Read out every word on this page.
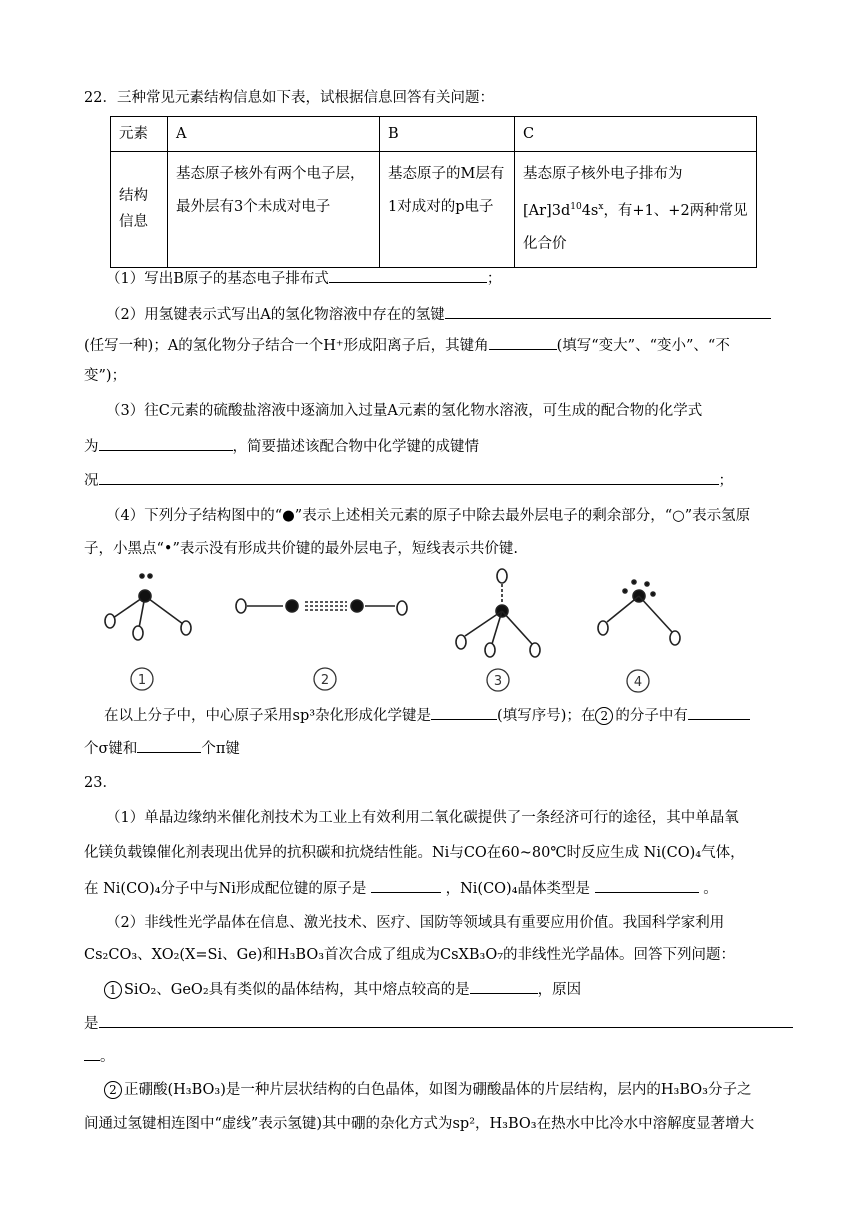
22．三种常见元素结构信息如下表，试根据信息回答有关问题：
元素	A	B	C
结构信息	基态原子核外有两个电子层，最外层有3个未成对电子	基态原子的M层有1对成对的p电子	基态原子核外电子排布为
$[Ar]3d^{10}4s^x$，有+1、+2两种常见化合价
（1）写出B原子的基态电子排布式	；
（2）用氢键表示式写出A的氢化物溶液中存在的氢键
(任写一种)；A的氢化物分子结合一个H⁺形成阳离子后，其键角	(填写“变大”、“变小”、“不
变”)；
（3）往C元素的硫酸盐溶液中逐滴加入过量A元素的氢化物水溶液，可生成的配合物的化学式
为	，简要描述该配合物中化学键的成键情
况	；
（4）下列分子结构图中的“●”表示上述相关元素的原子中除去最外层电子的剩余部分，“○”表示氢原
子，小黑点“•”表示没有形成共价键的最外层电子，短线表示共价键.
1	2	3	4
在以上分子中，中心原子采用sp³杂化形成化学键是	(填写序号)；在 2 的分子中有
个σ键和	个π键
23．
（1）单晶边缘纳米催化剂技术为工业上有效利用二氧化碳提供了一条经济可行的途径，其中单晶氧
化镁负载镍催化剂表现出优异的抗积碳和抗烧结性能。Ni与CO在60~80℃时反应生成 Ni(CO)₄气体，
在 Ni(CO)₄分子中与Ni形成配位键的原子是	，Ni(CO)₄晶体类型是	。
（2）非线性光学晶体在信息、激光技术、医疗、国防等领域具有重要应用价值。我国科学家利用
Cs₂CO₃、XO₂(X=Si、Ge)和H₃BO₃首次合成了组成为CsXB₃O₇的非线性光学晶体。回答下列问题：
1 SiO₂、GeO₂具有类似的晶体结构，其中熔点较高的是	，原因
是
。
2 正硼酸(H₃BO₃)是一种片层状结构的白色晶体，如图为硼酸晶体的片层结构，层内的H₃BO₃分子之
间通过氢键相连图中“虚线”表示氢键)其中硼的杂化方式为sp²，H₃BO₃在热水中比冷水中溶解度显著增大
